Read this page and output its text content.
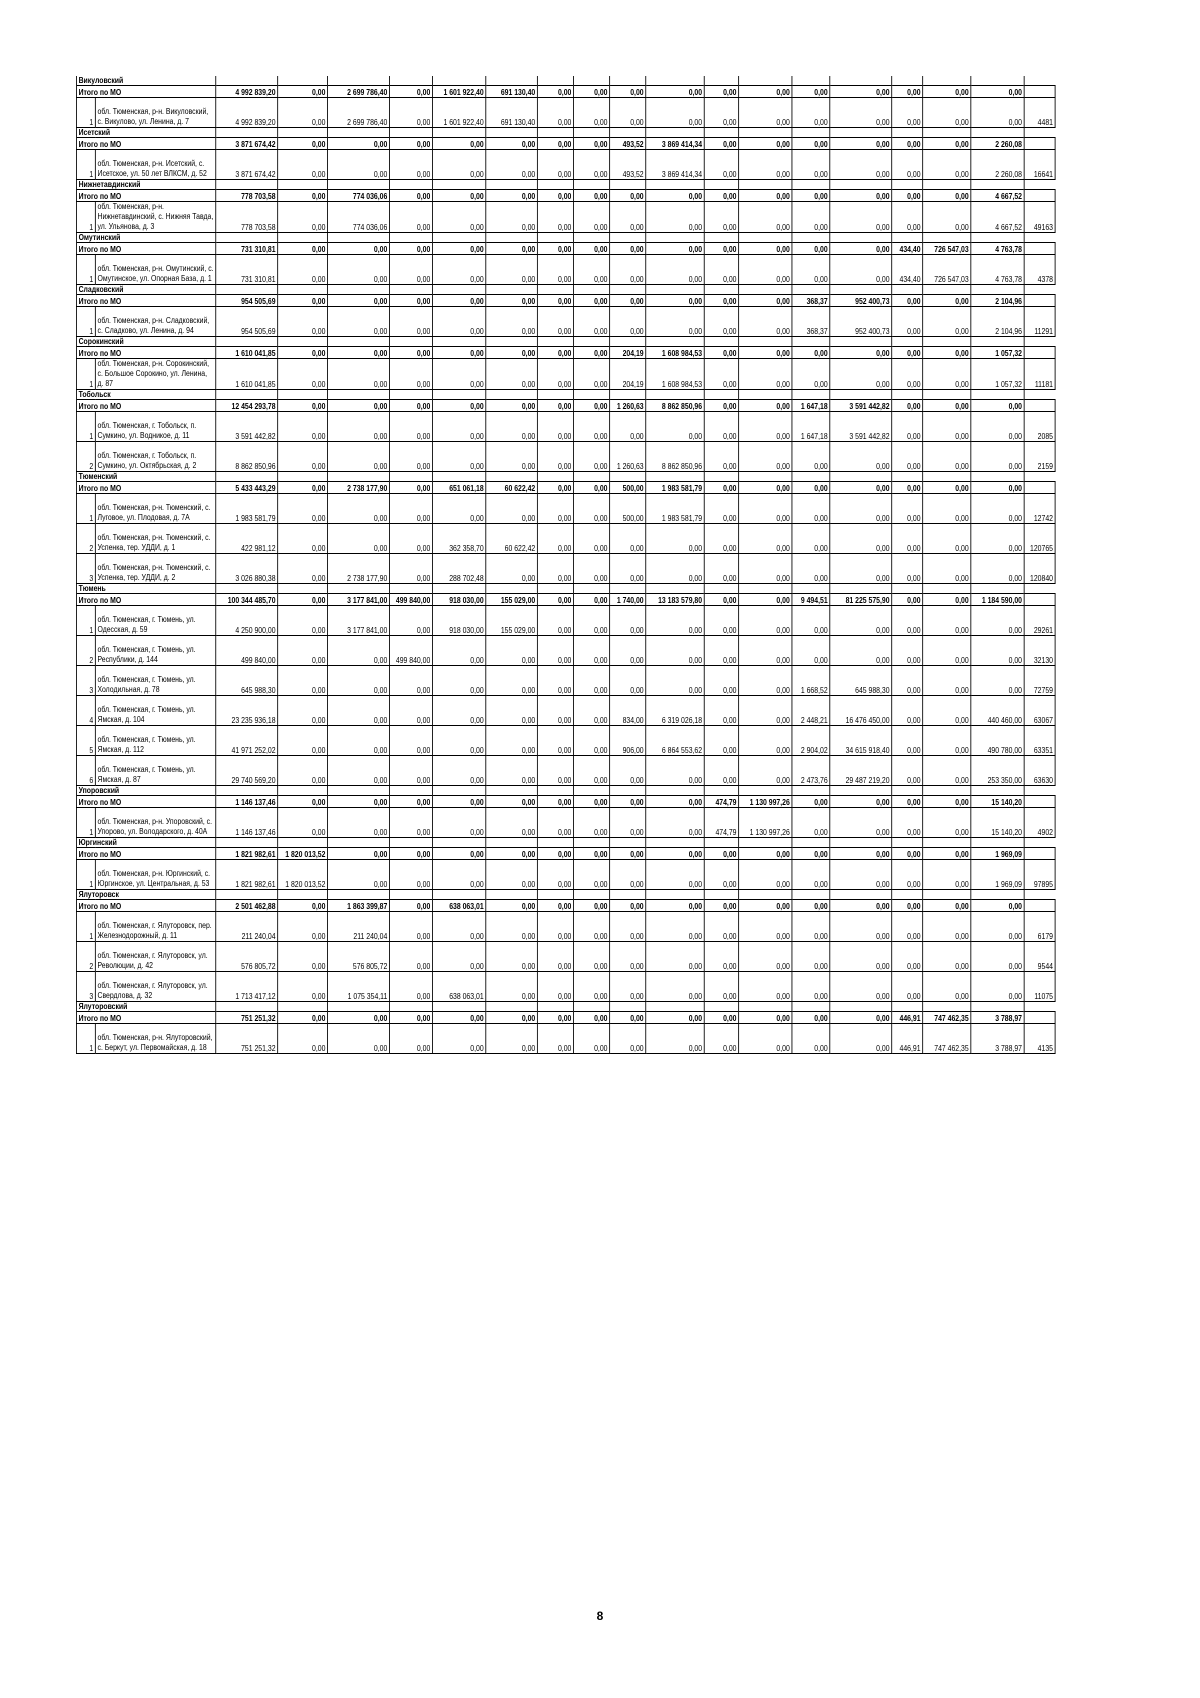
Викуловский																			
Итого по МО		4 992 839,20	0,00	2 699 786,40	0,00	1 601 922,40	691 130,40	0,00	0,00	0,00	0,00	0,00	0,00	0,00	0,00	0,00	0,00	0,00	
1	обл. Тюменская, р-н. Викуловский, с. Викулово, ул. Ленина, д. 7	4 992 839,20	0,00	2 699 786,40	0,00	1 601 922,40	691 130,40	0,00	0,00	0,00	0,00	0,00	0,00	0,00	0,00	0,00	0,00	0,00	4481
Исетский																			
Итого по МО		3 871 674,42	0,00	0,00	0,00	0,00	0,00	0,00	0,00	493,52	3 869 414,34	0,00	0,00	0,00	0,00	0,00	0,00	2 260,08	
1	обл. Тюменская, р-н. Исетский, с. Исетское, ул. 50 лет ВЛКСМ, д. 52	3 871 674,42	0,00	0,00	0,00	0,00	0,00	0,00	0,00	493,52	3 869 414,34	0,00	0,00	0,00	0,00	0,00	0,00	2 260,08	16641
Нижнетавдинский																			
Итого по МО		778 703,58	0,00	774 036,06	0,00	0,00	0,00	0,00	0,00	0,00	0,00	0,00	0,00	0,00	0,00	0,00	0,00	4 667,52	
1	обл. Тюменская, р-н. Нижнетавдинский, с. Нижняя Тавда, ул. Ульянова, д. 3	778 703,58	0,00	774 036,06	0,00	0,00	0,00	0,00	0,00	0,00	0,00	0,00	0,00	0,00	0,00	0,00	0,00	4 667,52	49163
Омутинский																			
Итого по МО		731 310,81	0,00	0,00	0,00	0,00	0,00	0,00	0,00	0,00	0,00	0,00	0,00	0,00	0,00	434,40	726 547,03	4 763,78	
1	обл. Тюменская, р-н. Омутинский, с. Омутинское, ул. Опорная База, д. 1	731 310,81	0,00	0,00	0,00	0,00	0,00	0,00	0,00	0,00	0,00	0,00	0,00	0,00	0,00	434,40	726 547,03	4 763,78	4378
Сладковский																			
Итого по МО		954 505,69	0,00	0,00	0,00	0,00	0,00	0,00	0,00	0,00	0,00	0,00	0,00	368,37	952 400,73	0,00	0,00	2 104,96	
1	обл. Тюменская, р-н. Сладковский, с. Сладково, ул. Ленина, д. 94	954 505,69	0,00	0,00	0,00	0,00	0,00	0,00	0,00	0,00	0,00	0,00	0,00	368,37	952 400,73	0,00	0,00	2 104,96	11291
Сорокинский																			
Итого по МО		1 610 041,85	0,00	0,00	0,00	0,00	0,00	0,00	0,00	204,19	1 608 984,53	0,00	0,00	0,00	0,00	0,00	0,00	1 057,32	
1	обл. Тюменская, р-н. Сорокинский, с. Большое Сорокино, ул. Ленина, д. 87	1 610 041,85	0,00	0,00	0,00	0,00	0,00	0,00	0,00	204,19	1 608 984,53	0,00	0,00	0,00	0,00	0,00	0,00	1 057,32	11181
Тобольск																			
Итого по МО		12 454 293,78	0,00	0,00	0,00	0,00	0,00	0,00	0,00	1 260,63	8 862 850,96	0,00	0,00	1 647,18	3 591 442,82	0,00	0,00	0,00	
1	обл. Тюменская, г. Тобольск, п. Сумкино, ул. Водникое, д. 11	3 591 442,82	0,00	0,00	0,00	0,00	0,00	0,00	0,00	0,00	0,00	0,00	0,00	1 647,18	3 591 442,82	0,00	0,00	0,00	2085
2	обл. Тюменская, г. Тобольск, п. Сумкино, ул. Октябрьская, д. 2	8 862 850,96	0,00	0,00	0,00	0,00	0,00	0,00	0,00	1 260,63	8 862 850,96	0,00	0,00	0,00	0,00	0,00	0,00	0,00	2159
Тюменский																			
Итого по МО		5 433 443,29	0,00	2 738 177,90	0,00	651 061,18	60 622,42	0,00	0,00	500,00	1 983 581,79	0,00	0,00	0,00	0,00	0,00	0,00	0,00	
1	обл. Тюменская, р-н. Тюменский, с. Луговое, ул. Плодовая, д. 7А	1 983 581,79	0,00	0,00	0,00	0,00	0,00	0,00	0,00	500,00	1 983 581,79	0,00	0,00	0,00	0,00	0,00	0,00	0,00	12742
2	обл. Тюменская, р-н. Тюменский, с. Успенка, тер. УДДИ, д. 1	422 981,12	0,00	0,00	0,00	362 358,70	60 622,42	0,00	0,00	0,00	0,00	0,00	0,00	0,00	0,00	0,00	0,00	0,00	120765
3	обл. Тюменская, р-н. Тюменский, с. Успенка, тер. УДДИ, д. 2	3 026 880,38	0,00	2 738 177,90	0,00	288 702,48	0,00	0,00	0,00	0,00	0,00	0,00	0,00	0,00	0,00	0,00	0,00	0,00	120840
Тюмень																			
Итого по МО		100 344 485,70	0,00	3 177 841,00	499 840,00	918 030,00	155 029,00	0,00	0,00	1 740,00	13 183 579,80	0,00	0,00	9 494,51	81 225 575,90	0,00	0,00	1 184 590,00	
1	обл. Тюменская, г. Тюмень, ул. Одесская, д. 59	4 250 900,00	0,00	3 177 841,00	0,00	918 030,00	155 029,00	0,00	0,00	0,00	0,00	0,00	0,00	0,00	0,00	0,00	0,00	0,00	29261
2	обл. Тюменская, г. Тюмень, ул. Республики, д. 144	499 840,00	0,00	0,00	499 840,00	0,00	0,00	0,00	0,00	0,00	0,00	0,00	0,00	0,00	0,00	0,00	0,00	0,00	32130
3	обл. Тюменская, г. Тюмень, ул. Холодильная, д. 78	645 988,30	0,00	0,00	0,00	0,00	0,00	0,00	0,00	0,00	0,00	0,00	0,00	1 668,52	645 988,30	0,00	0,00	0,00	72759
4	обл. Тюменская, г. Тюмень, ул. Ямская, д. 104	23 235 936,18	0,00	0,00	0,00	0,00	0,00	0,00	0,00	834,00	6 319 026,18	0,00	0,00	2 448,21	16 476 450,00	0,00	0,00	440 460,00	63067
5	обл. Тюменская, г. Тюмень, ул. Ямская, д. 112	41 971 252,02	0,00	0,00	0,00	0,00	0,00	0,00	0,00	906,00	6 864 553,62	0,00	0,00	2 904,02	34 615 918,40	0,00	0,00	490 780,00	63351
6	обл. Тюменская, г. Тюмень, ул. Ямская, д. 87	29 740 569,20	0,00	0,00	0,00	0,00	0,00	0,00	0,00	0,00	0,00	0,00	0,00	2 473,76	29 487 219,20	0,00	0,00	253 350,00	63630
Упоровский																			
Итого по МО		1 146 137,46	0,00	0,00	0,00	0,00	0,00	0,00	0,00	0,00	0,00	474,79	1 130 997,26	0,00	0,00	0,00	0,00	15 140,20	
1	обл. Тюменская, р-н. Упоровский, с. Упорово, ул. Володарского, д. 40А	1 146 137,46	0,00	0,00	0,00	0,00	0,00	0,00	0,00	0,00	0,00	474,79	1 130 997,26	0,00	0,00	0,00	0,00	15 140,20	4902
Юргинский																			
Итого по МО		1 821 982,61	1 820 013,52	0,00	0,00	0,00	0,00	0,00	0,00	0,00	0,00	0,00	0,00	0,00	0,00	0,00	0,00	1 969,09	
1	обл. Тюменская, р-н. Юргинский, с. Юргинское, ул. Центральная, д. 53	1 821 982,61	1 820 013,52	0,00	0,00	0,00	0,00	0,00	0,00	0,00	0,00	0,00	0,00	0,00	0,00	0,00	0,00	1 969,09	97895
Ялуторовск																			
Итого по МО		2 501 462,88	0,00	1 863 399,87	0,00	638 063,01	0,00	0,00	0,00	0,00	0,00	0,00	0,00	0,00	0,00	0,00	0,00	0,00	
1	обл. Тюменская, г. Ялуторовск, пер. Железнодорожный, д. 11	211 240,04	0,00	211 240,04	0,00	0,00	0,00	0,00	0,00	0,00	0,00	0,00	0,00	0,00	0,00	0,00	0,00	0,00	6179
2	обл. Тюменская, г. Ялуторовск, ул. Революции, д. 42	576 805,72	0,00	576 805,72	0,00	0,00	0,00	0,00	0,00	0,00	0,00	0,00	0,00	0,00	0,00	0,00	0,00	0,00	9544
3	обл. Тюменская, г. Ялуторовск, ул. Свердлова, д. 32	1 713 417,12	0,00	1 075 354,11	0,00	638 063,01	0,00	0,00	0,00	0,00	0,00	0,00	0,00	0,00	0,00	0,00	0,00	0,00	11075
Ялуторовский																			
Итого по МО		751 251,32	0,00	0,00	0,00	0,00	0,00	0,00	0,00	0,00	0,00	0,00	0,00	0,00	0,00	446,91	747 462,35	3 788,97	
1	обл. Тюменская, р-н. Ялуторовский, с. Беркут, ул. Первомайская, д. 18	751 251,32	0,00	0,00	0,00	0,00	0,00	0,00	0,00	0,00	0,00	0,00	0,00	0,00	0,00	446,91	747 462,35	3 788,97	4135
8
